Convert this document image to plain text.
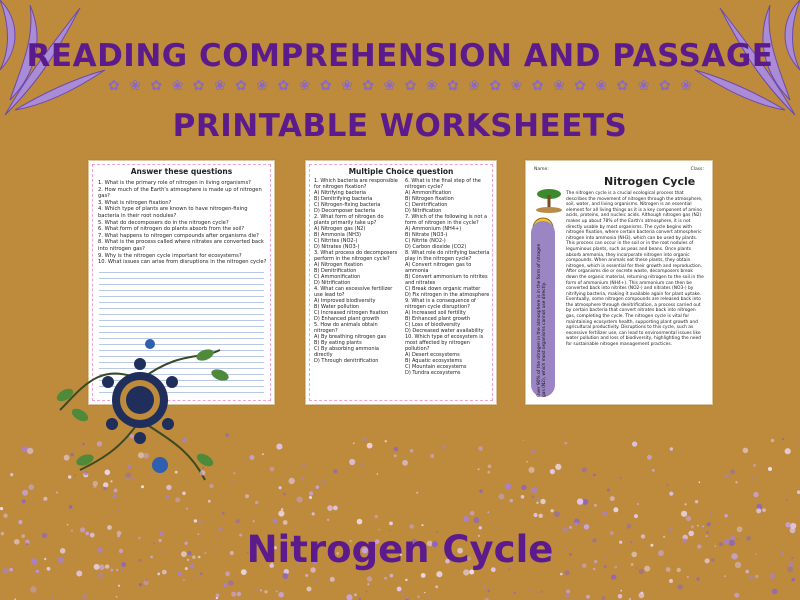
READING COMPREHENSION AND PASSAGE
✿ ❀ ✿ ❀ ✿ ❀ ✿ ❀ ✿ ❀ ✿ ❀ ✿ ❀ ✿ ❀ ✿ ❀ ✿ ❀ ✿ ❀ ✿ ❀ ✿ ❀ ✿ ❀
PRINTABLE WORKSHEETS
Answer these questions
1. What is the primary role of nitrogen in living organisms?
2. How much of the Earth's atmosphere is made up of nitrogen gas?
3. What is nitrogen fixation?
4. Which type of plants are known to have nitrogen-fixing bacteria in their root nodules?
5. What do decomposers do in the nitrogen cycle?
6. What form of nitrogen do plants absorb from the soil?
7. What happens to nitrogen compounds after organisms die?
8. What is the process called where nitrates are converted back into nitrogen gas?
9. Why is the nitrogen cycle important for ecosystems?
10. What issues can arise from disruptions in the nitrogen cycle?
Multiple Choice question
1. Which bacteria are responsible for nitrogen fixation?
A) Nitrifying bacteria
B) Denitrifying bacteria
C) Nitrogen-fixing bacteria
D) Decomposer bacteria
2. What form of nitrogen do plants primarily take up?
A) Nitrogen gas (N2)
B) Ammonia (NH3)
C) Nitrites (NO2-)
D) Nitrates (NO3-)
3. What process do decomposers perform in the nitrogen cycle?
A) Nitrogen fixation
B) Denitrification
C) Ammonification
D) Nitrification
4. What can excessive fertilizer use lead to?
A) Improved biodiversity
B) Water pollution
C) Increased nitrogen fixation
D) Enhanced plant growth
5. How do animals obtain nitrogen?
A) By breathing nitrogen gas
B) By eating plants
C) By absorbing ammonia directly
D) Through denitrification
6. What is the final step of the nitrogen cycle?
A) Ammonification
B) Nitrogen fixation
C) Denitrification
D) Nitrification
7. Which of the following is not a form of nitrogen in the cycle?
A) Ammonium (NH4+)
B) Nitrate (NO3-)
C) Nitrite (NO2-)
D) Carbon dioxide (CO2)
8. What role do nitrifying bacteria play in the nitrogen cycle?
A) Convert nitrogen gas to ammonia
B) Convert ammonium to nitrites and nitrates
C) Break down organic matter
D) Fix nitrogen in the atmosphere
9. What is a consequence of nitrogen cycle disruption?
A) Increased soil fertility
B) Enhanced plant growth
C) Loss of biodiversity
D) Decreased water availability
10. Which type of ecosystem is most affected by nitrogen pollution?
A) Desert ecosystems
B) Aquatic ecosystems
C) Mountain ecosystems
D) Tundra ecosystems
Name:	Class:
Over 90% of the nitrogen in the atmosphere is in the form of nitrogen gas (N2), which most organisms cannot use directly.
Nitrogen Cycle
The nitrogen cycle is a crucial ecological process that describes the movement of nitrogen through the atmosphere, soil, water, and living organisms. Nitrogen is an essential element for all living things as it is a key component of amino acids, proteins, and nucleic acids. Although nitrogen gas (N2) makes up about 78% of the Earth's atmosphere, it is not directly usable by most organisms. The cycle begins with nitrogen fixation, where certain bacteria convert atmospheric nitrogen into ammonia (NH3), which can be used by plants. This process can occur in the soil or in the root nodules of leguminous plants, such as peas and beans. Once plants absorb ammonia, they incorporate nitrogen into organic compounds. When animals eat these plants, they obtain nitrogen, which is essential for their growth and reproduction. After organisms die or excrete waste, decomposers break down the organic material, returning nitrogen to the soil in the form of ammonium (NH4+). This ammonium can then be converted back into nitrites (NO2-) and nitrates (NO3-) by nitrifying bacteria, making it available again for plant uptake. Eventually, some nitrogen compounds are released back into the atmosphere through denitrification, a process carried out by certain bacteria that convert nitrates back into nitrogen gas, completing the cycle. The nitrogen cycle is vital for maintaining ecosystem health, supporting plant growth and agricultural productivity. Disruptions to this cycle, such as excessive fertilizer use, can lead to environmental issues like water pollution and loss of biodiversity, highlighting the need for sustainable nitrogen management practices.
Nitrogen Cycle
